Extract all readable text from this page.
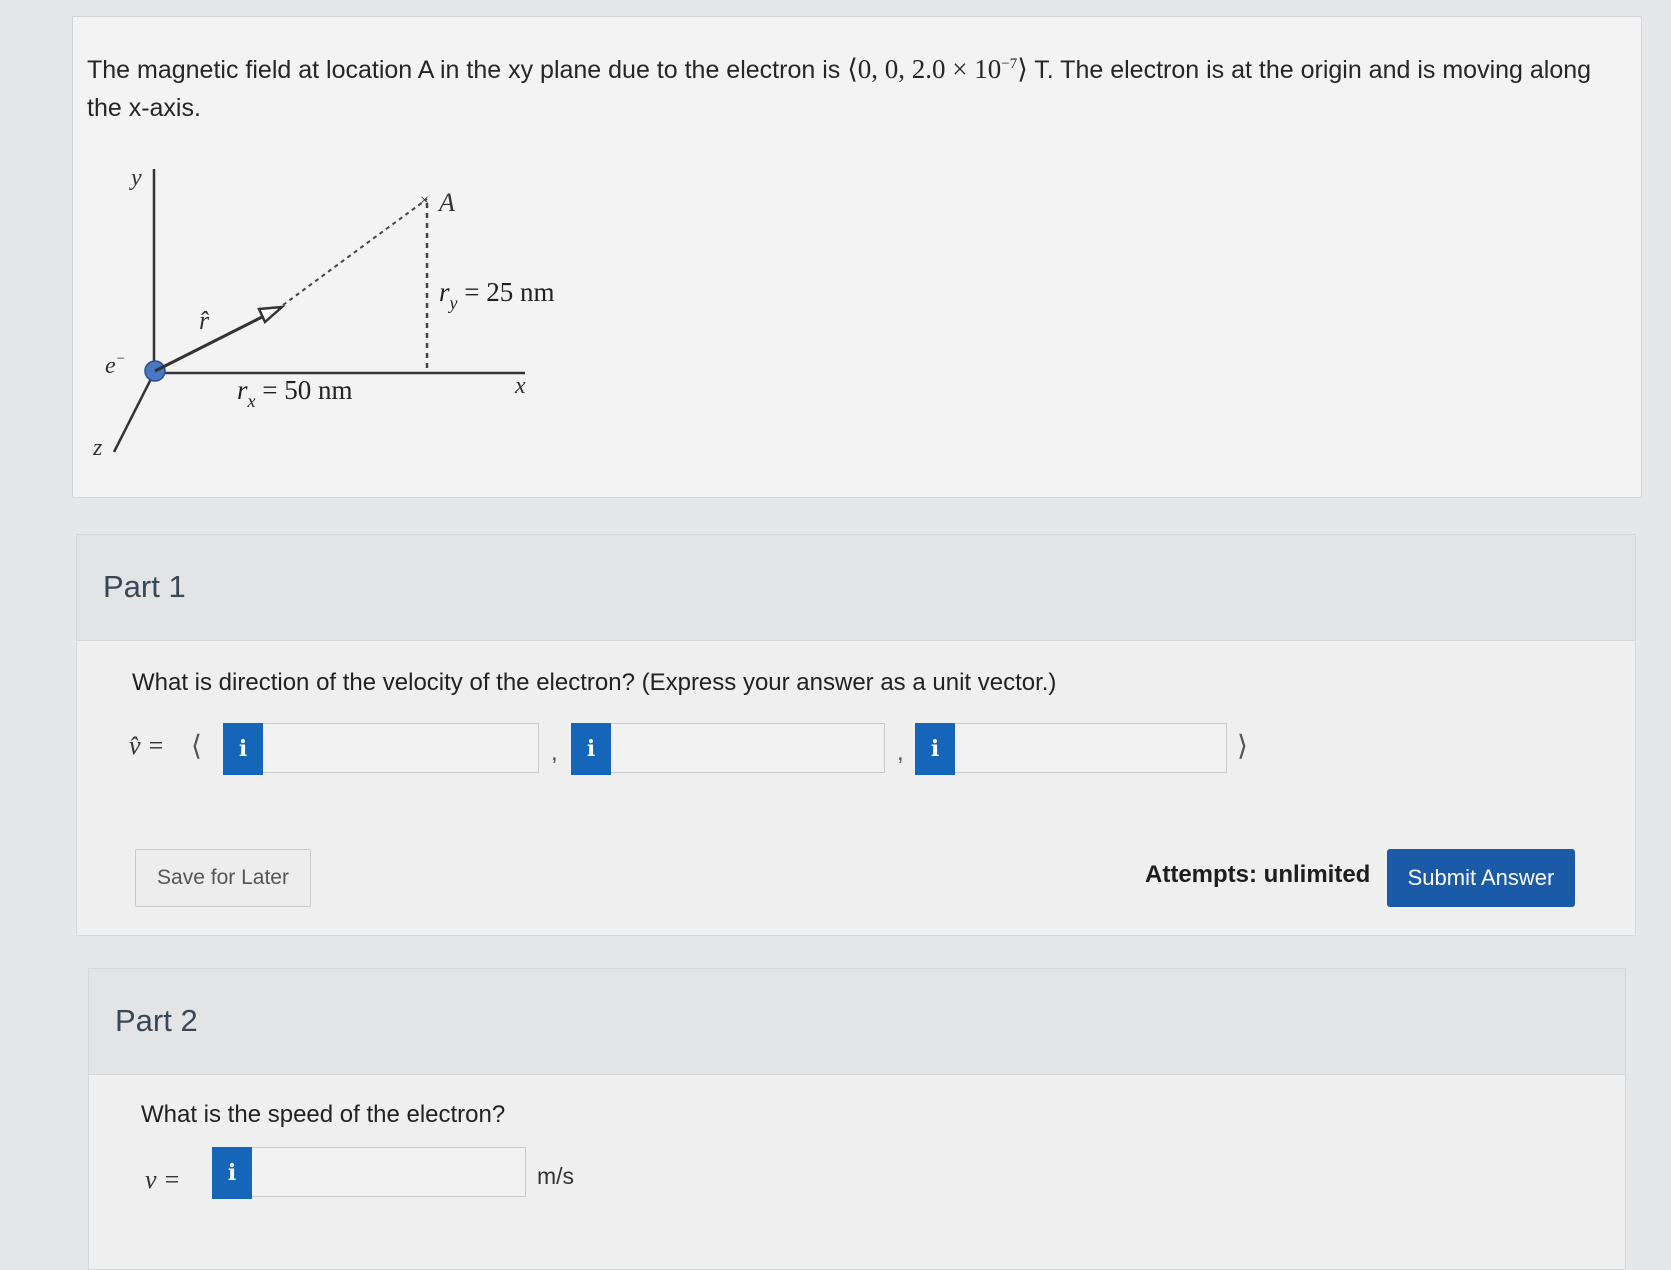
The magnetic field at location A in the xy plane due to the electron is ⟨0, 0, $2.0 \times 10^{-7}⟩$ T. The electron is at the origin and is moving along the x-axis.
y
x
z
e−
r̂
× A
$r_y = 25$ nm
$r_x = 50$ nm
Part 1
What is direction of the velocity of the electron? (Express your answer as a unit vector.)
v̂ = ⟨	i	,	i	,	i	⟩
Save for Later	Attempts: unlimited	Submit Answer
Part 2
What is the speed of the electron?
v =	i	m/s
